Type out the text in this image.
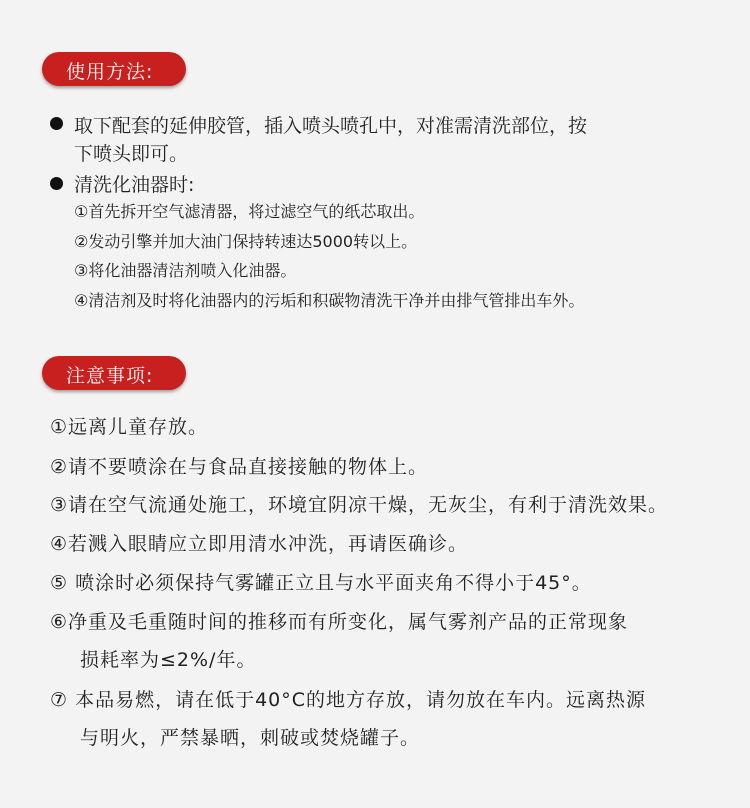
使用方法:
取下配套的延伸胶管，插入喷头喷孔中，对准需清洗部位，按
下喷头即可。
清洗化油器时:
①首先拆开空气滤清器，将过滤空气的纸芯取出。
②发动引擎并加大油门保持转速达5000转以上。
③将化油器清洁剂喷入化油器。
④清洁剂及时将化油器内的污垢和积碳物清洗干净并由排气管排出车外。
注意事项:
①远离儿童存放。
②请不要喷涂在与食品直接接触的物体上。
③请在空气流通处施工，环境宜阴凉干燥，无灰尘，有利于清洗效果。
④若溅入眼睛应立即用清水冲洗，再请医确诊。
⑤ 喷涂时必须保持气雾罐正立且与水平面夹角不得小于45°。
⑥净重及毛重随时间的推移而有所变化，属气雾剂产品的正常现象
损耗率为≤2%/年。
⑦ 本品易燃，请在低于40°C的地方存放，请勿放在车内。远离热源
与明火，严禁暴晒，刺破或焚烧罐子。
